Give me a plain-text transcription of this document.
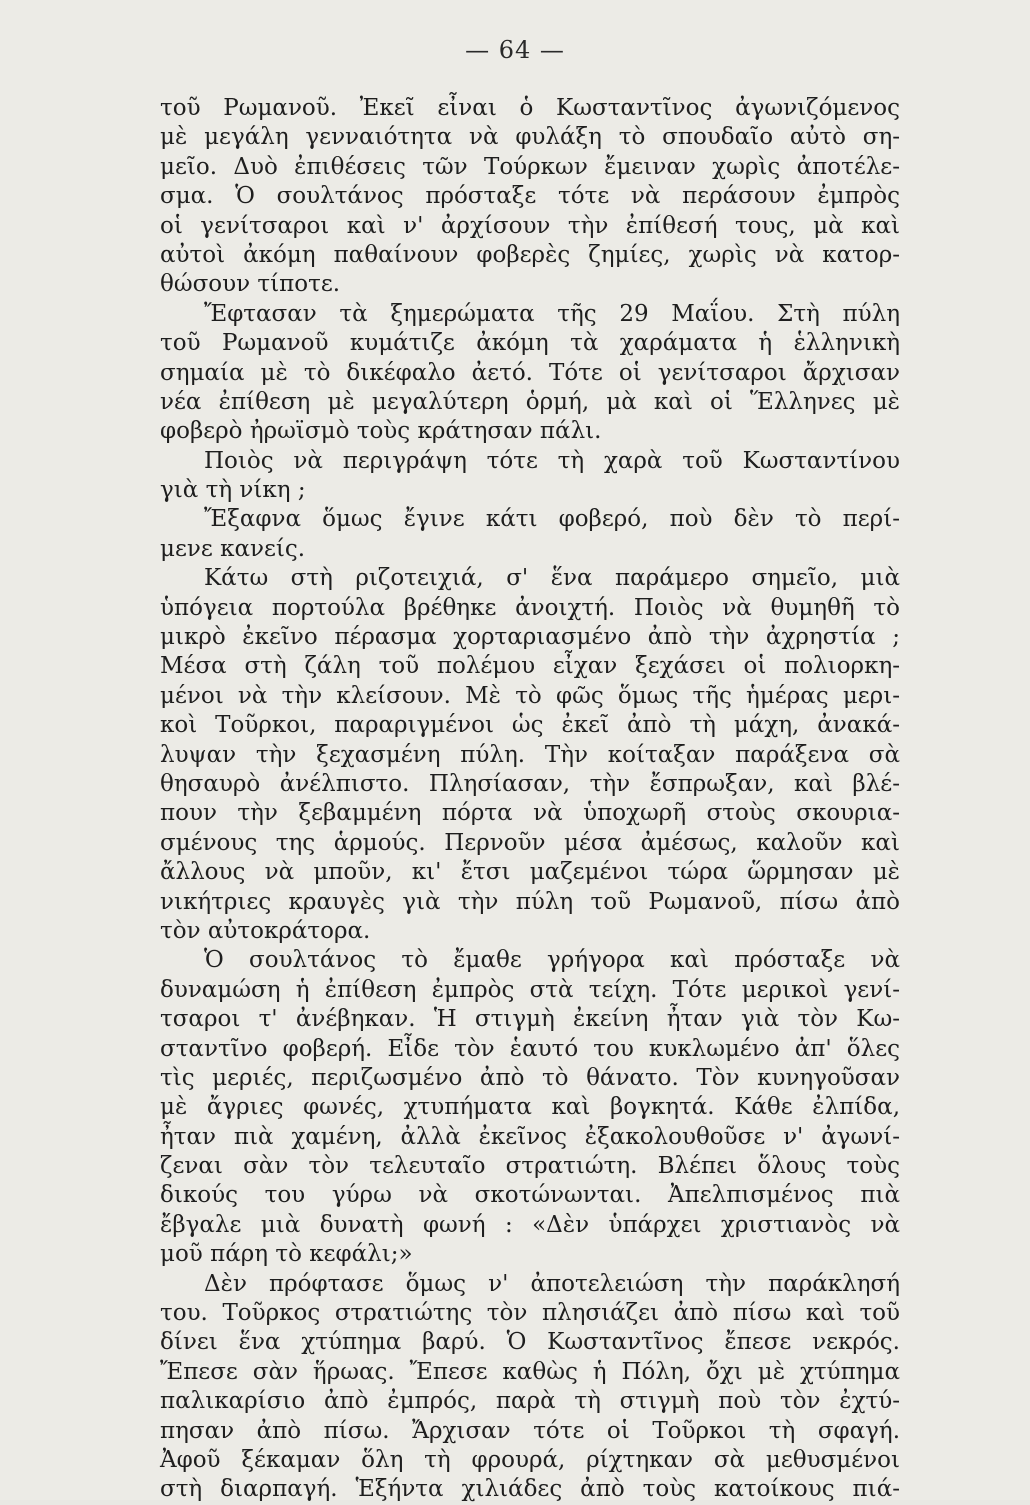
— 64 —
τοῦ Ρωμανοῦ. Ἐκεῖ εἶναι ὁ Κωσταντῖνος ἀγωνιζόμενος
μὲ μεγάλη γενναιότητα νὰ φυλάξη τὸ σπουδαῖο αὐτὸ ση-
μεῖο. Δυὸ ἐπιθέσεις τῶν Τούρκων ἔμειναν χωρὶς ἀποτέλε-
σμα. Ὁ σουλτάνος πρόσταξε τότε νὰ περάσουν ἐμπρὸς
οἱ γενίτσαροι καὶ ν' ἀρχίσουν τὴν ἐπίθεσή τους, μὰ καὶ
αὐτοὶ ἀκόμη παθαίνουν φοβερὲς ζημίες, χωρὶς νὰ κατορ-
θώσουν τίποτε.
Ἔφτασαν τὰ ξημερώματα τῆς 29 Μαΐου. Στὴ πύλη
τοῦ Ρωμανοῦ κυμάτιζε ἀκόμη τὰ χαράματα ἡ ἑλληνικὴ
σημαία μὲ τὸ δικέφαλο ἀετό. Τότε οἱ γενίτσαροι ἄρχισαν
νέα ἐπίθεση μὲ μεγαλύτερη ὁρμή, μὰ καὶ οἱ Ἕλληνες μὲ
φοβερὸ ἠρωϊσμὸ τοὺς κράτησαν πάλι.
Ποιὸς νὰ περιγράψη τότε τὴ χαρὰ τοῦ Κωσταντίνου
γιὰ τὴ νίκη ;
Ἔξαφνα ὅμως ἔγινε κάτι φοβερό, ποὺ δὲν τὸ περί-
μενε κανείς.
Κάτω στὴ ριζοτειχιά, σ' ἕνα παράμερο σημεῖο, μιὰ
ὑπόγεια πορτούλα βρέθηκε ἀνοιχτή. Ποιὸς νὰ θυμηθῆ τὸ
μικρὸ ἐκεῖνο πέρασμα χορταριασμένο ἀπὸ τὴν ἀχρηστία ;
Μέσα στὴ ζάλη τοῦ πολέμου εἶχαν ξεχάσει οἱ πολιορκη-
μένοι νὰ τὴν κλείσουν. Μὲ τὸ φῶς ὅμως τῆς ἡμέρας μερι-
κοὶ Τοῦρκοι, παραριγμένοι ὡς ἐκεῖ ἀπὸ τὴ μάχη, ἀνακά-
λυψαν τὴν ξεχασμένη πύλη. Τὴν κοίταξαν παράξενα σὰ
θησαυρὸ ἀνέλπιστο. Πλησίασαν, τὴν ἔσπρωξαν, καὶ βλέ-
πουν τὴν ξεβαμμένη πόρτα νὰ ὑποχωρῆ στοὺς σκουρια-
σμένους της ἁρμούς. Περνοῦν μέσα ἀμέσως, καλοῦν καὶ
ἄλλους νὰ μποῦν, κι' ἔτσι μαζεμένοι τώρα ὥρμησαν μὲ
νικήτριες κραυγὲς γιὰ τὴν πύλη τοῦ Ρωμανοῦ, πίσω ἀπὸ
τὸν αὐτοκράτορα.
Ὁ σουλτάνος τὸ ἔμαθε γρήγορα καὶ πρόσταξε νὰ
δυναμώση ἡ ἐπίθεση ἐμπρὸς στὰ τείχη. Τότε μερικοὶ γενί-
τσαροι τ' ἀνέβηκαν. Ἡ στιγμὴ ἐκείνη ἦταν γιὰ τὸν Κω-
σταντῖνο φοβερή. Εἶδε τὸν ἑαυτό του κυκλωμένο ἀπ' ὅλες
τὶς μεριές, περιζωσμένο ἀπὸ τὸ θάνατο. Τὸν κυνηγοῦσαν
μὲ ἄγριες φωνές, χτυπήματα καὶ βογκητά. Κάθε ἐλπίδα,
ἦταν πιὰ χαμένη, ἀλλὰ ἐκεῖνος ἐξακολουθοῦσε ν' ἀγωνί-
ζεναι σὰν τὸν τελευταῖο στρατιώτη. Βλέπει ὅλους τοὺς
δικούς του γύρω νὰ σκοτώνωνται. Ἀπελπισμένος πιὰ
ἔβγαλε μιὰ δυνατὴ φωνή : «Δὲν ὑπάρχει χριστιανὸς νὰ
μοῦ πάρη τὸ κεφάλι;»
Δὲν πρόφτασε ὅμως ν' ἀποτελειώση τὴν παράκλησή
του. Τοῦρκος στρατιώτης τὸν πλησιάζει ἀπὸ πίσω καὶ τοῦ
δίνει ἕνα χτύπημα βαρύ. Ὁ Κωσταντῖνος ἔπεσε νεκρός.
Ἔπεσε σὰν ἥρωας. Ἔπεσε καθὼς ἡ Πόλη, ὄχι μὲ χτύπημα
παλικαρίσιο ἀπὸ ἐμπρός, παρὰ τὴ στιγμὴ ποὺ τὸν ἐχτύ-
πησαν ἀπὸ πίσω. Ἄρχισαν τότε οἱ Τοῦρκοι τὴ σφαγή.
Ἀφοῦ ξέκαμαν ὅλη τὴ φρουρά, ρίχτηκαν σὰ μεθυσμένοι
στὴ διαρπαγή. Ἑξήντα χιλιάδες ἀπὸ τοὺς κατοίκους πιά-
